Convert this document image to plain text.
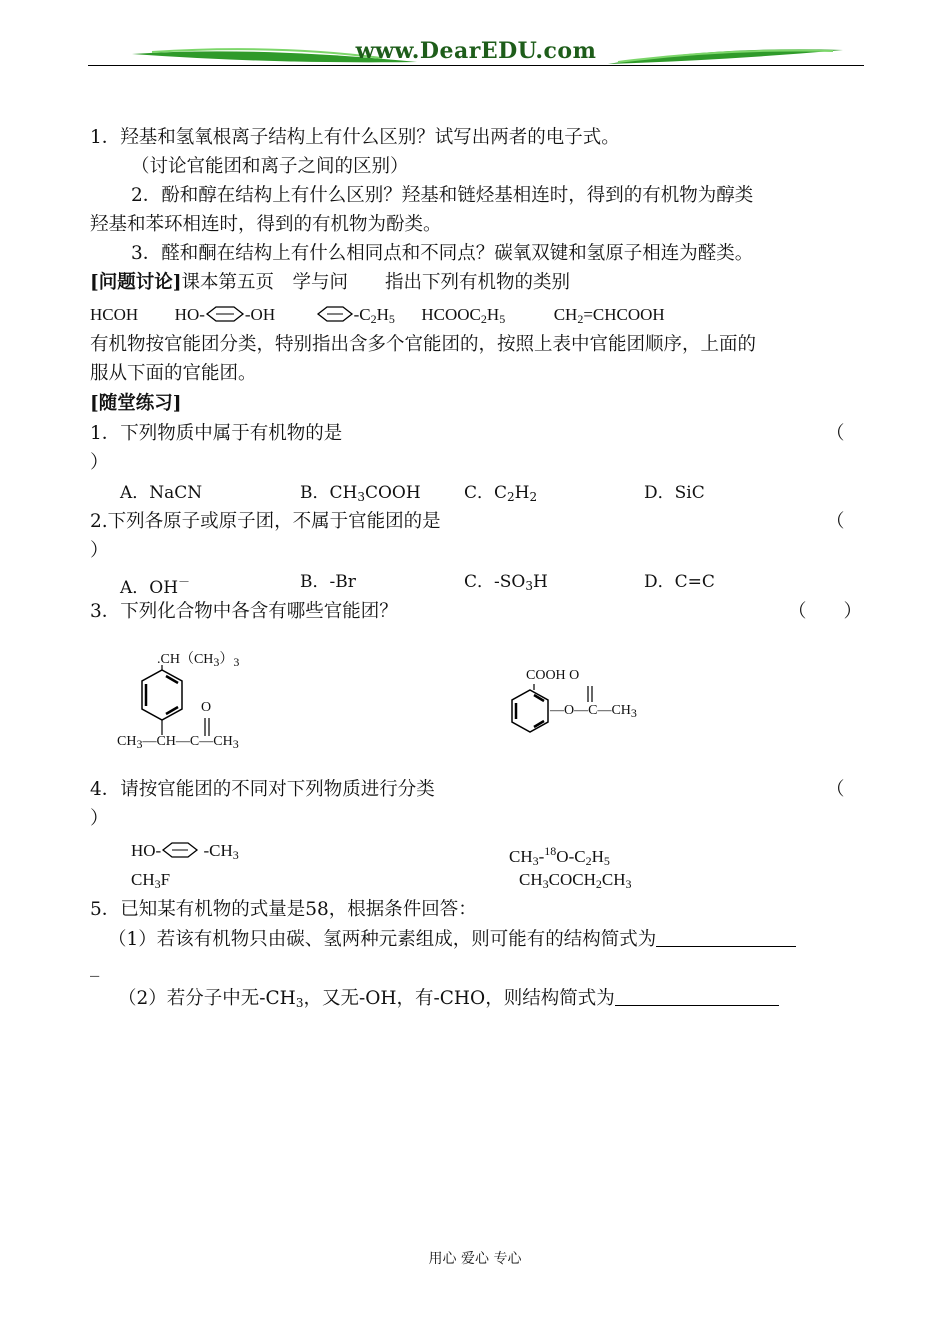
www.DearEDU.com
1．羟基和氢氧根离子结构上有什么区别？试写出两者的电子式。
（讨论官能团和离子之间的区别）
2．酚和醇在结构上有什么区别？羟基和链烃基相连时，得到的有机物为醇类
羟基和苯环相连时，得到的有机物为酚类。
3．醛和酮在结构上有什么相同点和不同点？碳氧双键和氢原子相连为醛类。
[问题讨论]课本第五页　学与问　　指出下列有机物的类别
HCOH HO- -OH	$-C_2H_5$ $HCOOC_2H_5$	$CH_2=CHCOOH$
有机物按官能团分类，特别指出含多个官能团的，按照上表中官能团顺序，上面的
服从下面的官能团。
[随堂练习]
1．下列物质中属于有机物的是	（
）
A．NaCN	B．$CH_3COOH$	C．$C_2H_2$	D．SiC
2.下列各原子或原子团，不属于官能团的是	（
）
A．OH－	B．-Br	C．$-SO_3H$	D．C=C
3．下列化合物中各含有哪些官能团？	（　　）
.CH（CH3）3
O
CH3—CH—C—CH3
COOH O
—O—C—CH3
4．请按官能团的不同对下列物质进行分类	（
）
HO- $-CH_3$	$CH_3-^{18}O-C_2H_5$
$CH_3F$	$CH_3COCH_2CH_3$
5．已知某有机物的式量是58，根据条件回答：
（1）若该有机物只由碳、氢两种元素组成，则可能有的结构简式为
_
（2）若分子中无$-CH_3$，又无-OH，有-CHO，则结构简式为
用心 爱心 专心
